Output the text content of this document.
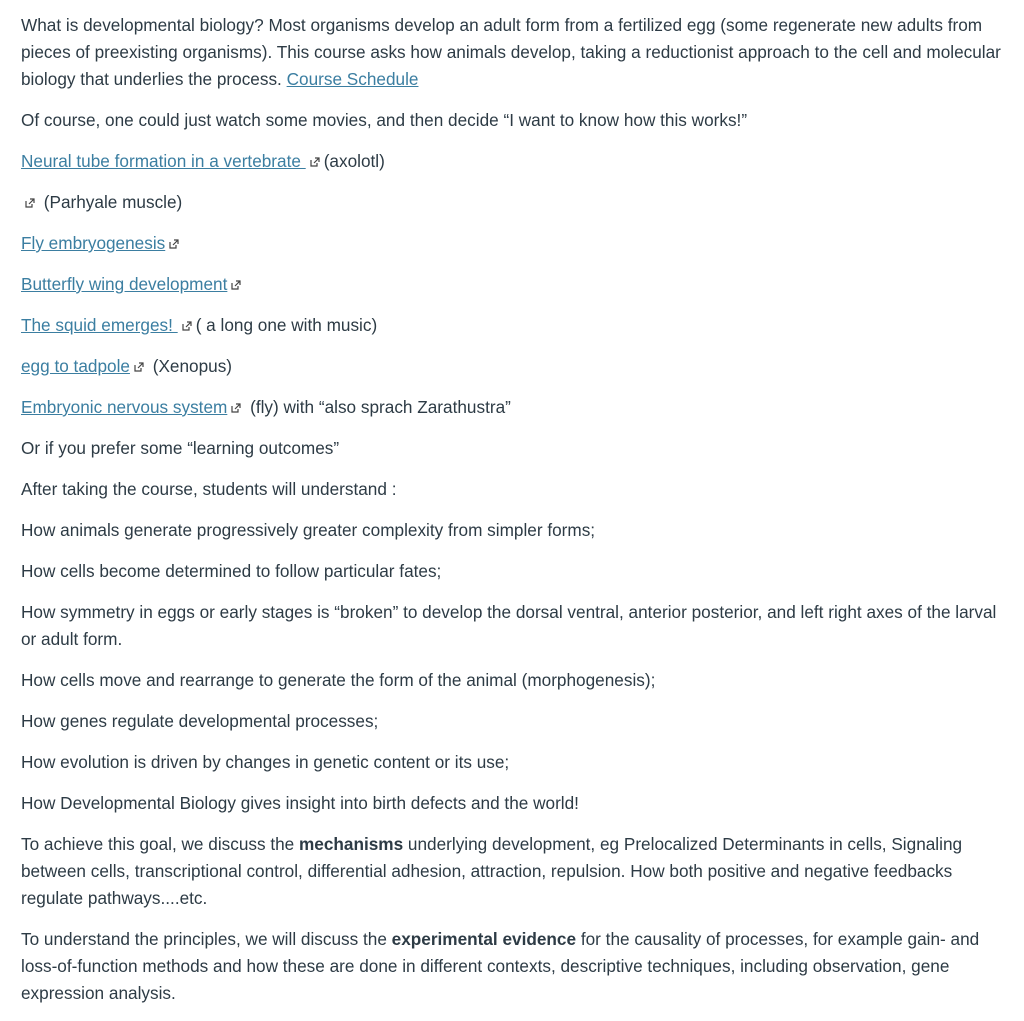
What is developmental biology? Most organisms develop an adult form from a fertilized egg (some regenerate new adults from pieces of preexisting organisms). This course asks how animals develop, taking a reductionist approach to the cell and molecular biology that underlies the process. Course Schedule

Of course, one could just watch some movies, and then decide “I want to know how this works!”

Neural tube formation in a vertebrate (axolotl)

(Parhyale muscle)

Fly embryogenesis

Butterfly wing development

The squid emerges! ( a long one with music)

egg to tadpole (Xenopus)

Embryonic nervous system (fly) with “also sprach Zarathustra”

Or if you prefer some “learning outcomes”

After taking the course, students will understand :

How animals generate progressively greater complexity from simpler forms;

How cells become determined to follow particular fates;

How symmetry in eggs or early stages is “broken” to develop the dorsal ventral, anterior posterior, and left right axes of the larval or adult form.

How cells move and rearrange to generate the form of the animal (morphogenesis);

How genes regulate developmental processes;

How evolution is driven by changes in genetic content or its use;

How Developmental Biology gives insight into birth defects and the world!

To achieve this goal, we discuss the mechanisms underlying development, eg Prelocalized Determinants in cells, Signaling between cells, transcriptional control, differential adhesion, attraction, repulsion. How both positive and negative feedbacks regulate pathways....etc.

To understand the principles, we will discuss the experimental evidence for the causality of processes, for example gain- and loss-of-function methods and how these are done in different contexts, descriptive techniques, including observation, gene expression analysis.
